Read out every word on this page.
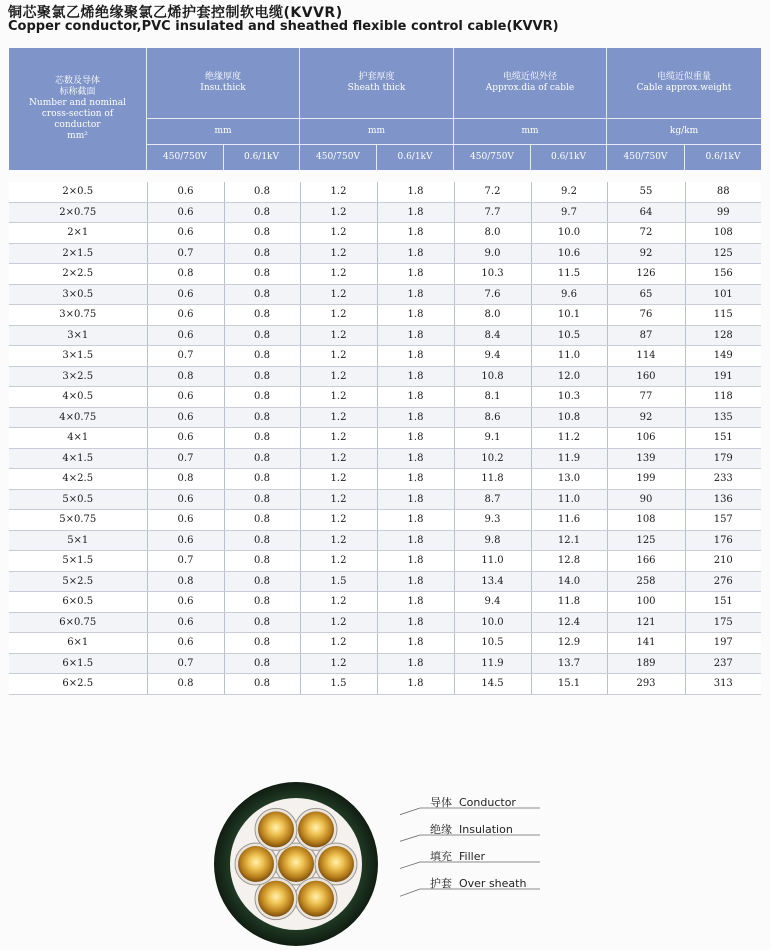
铜芯聚氯乙烯绝缘聚氯乙烯护套控制软电缆(KVVR)
Copper conductor,PVC insulated and sheathed flexible control cable(KVVR)
芯数及导体
标称截面
Number and nominal cross-section of conductor
mm²
绝缘厚度
Insu.thick
护套厚度
Sheath thick
电缆近似外径
Approx.dia of cable
电缆近似重量
Cable approx.weight
mm	mm	mm	kg/km
450/750V	0.6/1kV	450/750V	0.6/1kV	450/750V	0.6/1kV	450/750V	0.6/1kV
2×0.5	0.6	0.8	1.2	1.8	7.2	9.2	55	88
2×0.75	0.6	0.8	1.2	1.8	7.7	9.7	64	99
2×1	0.6	0.8	1.2	1.8	8.0	10.0	72	108
2×1.5	0.7	0.8	1.2	1.8	9.0	10.6	92	125
2×2.5	0.8	0.8	1.2	1.8	10.3	11.5	126	156
3×0.5	0.6	0.8	1.2	1.8	7.6	9.6	65	101
3×0.75	0.6	0.8	1.2	1.8	8.0	10.1	76	115
3×1	0.6	0.8	1.2	1.8	8.4	10.5	87	128
3×1.5	0.7	0.8	1.2	1.8	9.4	11.0	114	149
3×2.5	0.8	0.8	1.2	1.8	10.8	12.0	160	191
4×0.5	0.6	0.8	1.2	1.8	8.1	10.3	77	118
4×0.75	0.6	0.8	1.2	1.8	8.6	10.8	92	135
4×1	0.6	0.8	1.2	1.8	9.1	11.2	106	151
4×1.5	0.7	0.8	1.2	1.8	10.2	11.9	139	179
4×2.5	0.8	0.8	1.2	1.8	11.8	13.0	199	233
5×0.5	0.6	0.8	1.2	1.8	8.7	11.0	90	136
5×0.75	0.6	0.8	1.2	1.8	9.3	11.6	108	157
5×1	0.6	0.8	1.2	1.8	9.8	12.1	125	176
5×1.5	0.7	0.8	1.2	1.8	11.0	12.8	166	210
5×2.5	0.8	0.8	1.5	1.8	13.4	14.0	258	276
6×0.5	0.6	0.8	1.2	1.8	9.4	11.8	100	151
6×0.75	0.6	0.8	1.2	1.8	10.0	12.4	121	175
6×1	0.6	0.8	1.2	1.8	10.5	12.9	141	197
6×1.5	0.7	0.8	1.2	1.8	11.9	13.7	189	237
6×2.5	0.8	0.8	1.5	1.8	14.5	15.1	293	313
导体 Conductor
绝缘 Insulation
填充 Filler
护套 Over sheath
